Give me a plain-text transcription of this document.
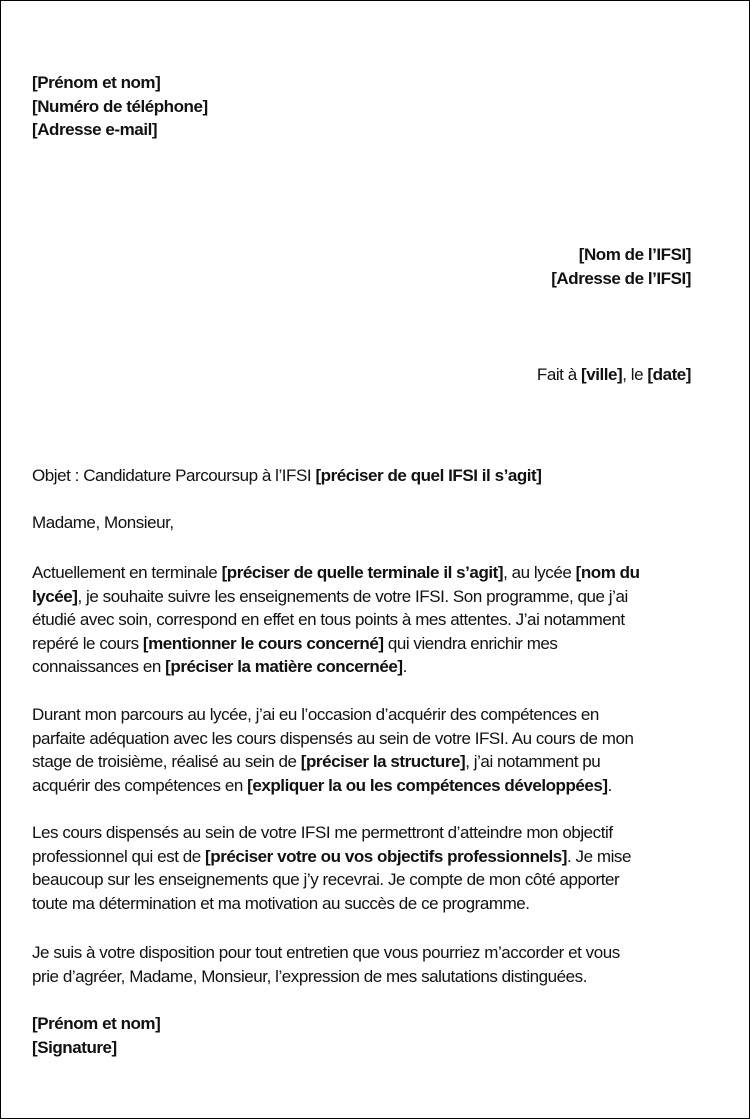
[Prénom et nom]
[Numéro de téléphone]
[Adresse e-mail]
[Nom de l’IFSI]
[Adresse de l’IFSI]
Fait à [ville], le [date]
Objet : Candidature Parcoursup à l’IFSI [préciser de quel IFSI il s’agit]
Madame, Monsieur,
Actuellement en terminale [préciser de quelle terminale il s’agit], au lycée [nom du
lycée], je souhaite suivre les enseignements de votre IFSI. Son programme, que j’ai
étudié avec soin, correspond en effet en tous points à mes attentes. J’ai notamment
repéré le cours [mentionner le cours concerné] qui viendra enrichir mes
connaissances en [préciser la matière concernée].
Durant mon parcours au lycée, j’ai eu l’occasion d’acquérir des compétences en
parfaite adéquation avec les cours dispensés au sein de votre IFSI. Au cours de mon
stage de troisième, réalisé au sein de [préciser la structure], j’ai notamment pu
acquérir des compétences en [expliquer la ou les compétences développées].
Les cours dispensés au sein de votre IFSI me permettront d’atteindre mon objectif
professionnel qui est de [préciser votre ou vos objectifs professionnels]. Je mise
beaucoup sur les enseignements que j’y recevrai. Je compte de mon côté apporter
toute ma détermination et ma motivation au succès de ce programme.
Je suis à votre disposition pour tout entretien que vous pourriez m’accorder et vous
prie d’agréer, Madame, Monsieur, l’expression de mes salutations distinguées.
[Prénom et nom]
[Signature]
